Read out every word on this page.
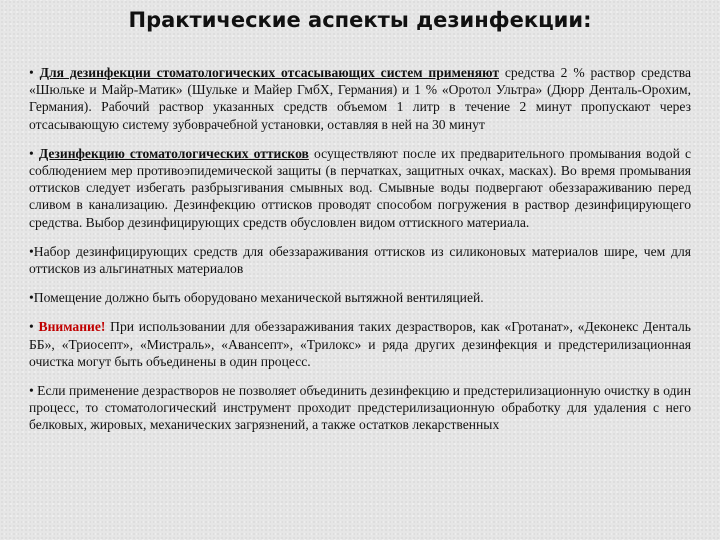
Практические аспекты дезинфекции:

• Для дезинфекции стоматологических отсасывающих систем применяют средства 2 % раствор средства «Шюльке и Майр-Матик» (Шульке и Майер ГмбХ, Германия) и 1 % «Оротол Ультра» (Дюрр Денталь-Орохим, Германия). Рабочий раствор указанных средств объемом 1 литр в течение 2 минут пропускают через отсасывающую систему зубоврачебной установки, оставляя в ней на 30 минут

• Дезинфекцию стоматологических оттисков осуществляют после их предварительного промывания водой с соблюдением мер противоэпидемической защиты (в перчатках, защитных очках, масках). Во время промывания оттисков следует избегать разбрызгивания смывных вод. Смывные воды подвергают обеззараживанию перед сливом в канализацию. Дезинфекцию оттисков проводят способом погружения в раствор дезинфицирующего средства. Выбор дезинфицирующих средств обусловлен видом оттискного материала.

•Набор дезинфицирующих средств для обеззараживания оттисков из силиконовых материалов шире, чем для оттисков из альгинатных материалов

•Помещение должно быть оборудовано механической вытяжной вентиляцией.

• Внимание! При использовании для обеззараживания таких дезрастворов, как «Гротанат», «Деконекс Денталь ББ», «Триосепт», «Мистраль», «Авансепт», «Трилокс» и ряда других дезинфекция и предстерилизационная очистка могут быть объединены в один процесс.

• Если применение дезрастворов не позволяет объединить дезинфекцию и предстерилизационную очистку в один процесс, то стоматологический инструмент проходит предстерилизационную обработку для удаления с него белковых, жировых, механических загрязнений, а также остатков лекарственных
